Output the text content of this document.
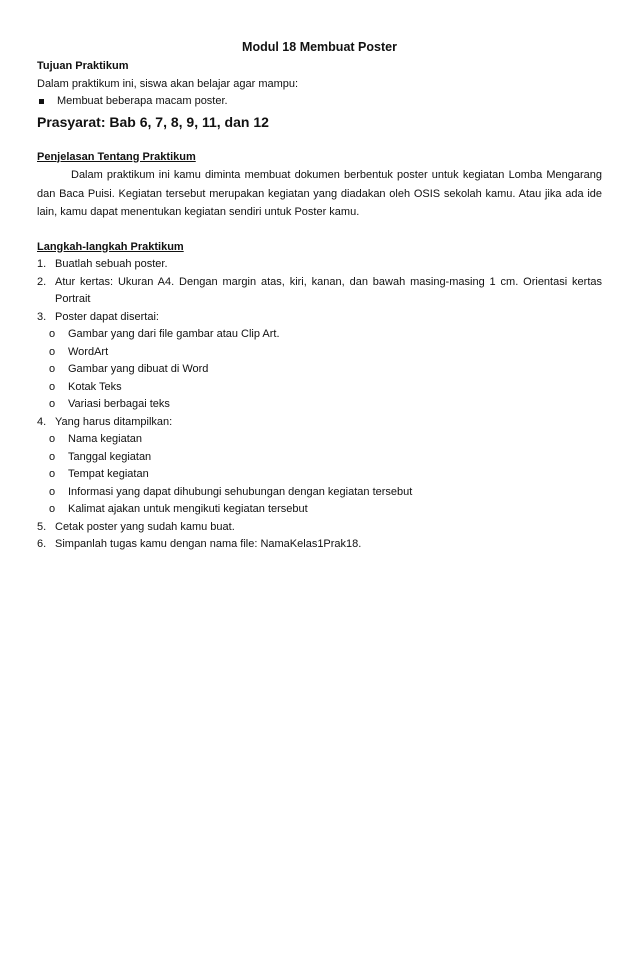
Modul 18 Membuat Poster

Tujuan Praktikum

Dalam praktikum ini, siswa akan belajar agar mampu:

Membuat beberapa macam poster.

Prasyarat: Bab 6, 7, 8, 9, 11, dan 12

Penjelasan Tentang Praktikum

Dalam praktikum ini kamu diminta membuat dokumen berbentuk poster untuk kegiatan Lomba Mengarang dan Baca Puisi. Kegiatan tersebut merupakan kegiatan yang diadakan oleh OSIS sekolah kamu. Atau jika ada ide lain, kamu dapat menentukan kegiatan sendiri untuk Poster kamu.

Langkah-langkah Praktikum

1. Buatlah sebuah poster.
2. Atur kertas: Ukuran A4. Dengan margin atas, kiri, kanan, dan bawah masing-masing 1 cm. Orientasi kertas Portrait
3. Poster dapat disertai:
o Gambar yang dari file gambar atau Clip Art.
o WordArt
o Gambar yang dibuat di Word
o Kotak Teks
o Variasi berbagai teks
4. Yang harus ditampilkan:
o Nama kegiatan
o Tanggal kegiatan
o Tempat kegiatan
o Informasi yang dapat dihubungi sehubungan dengan kegiatan tersebut
o Kalimat ajakan untuk mengikuti kegiatan tersebut
5. Cetak poster yang sudah kamu buat.
6. Simpanlah tugas kamu dengan nama file: NamaKelas1Prak18.
